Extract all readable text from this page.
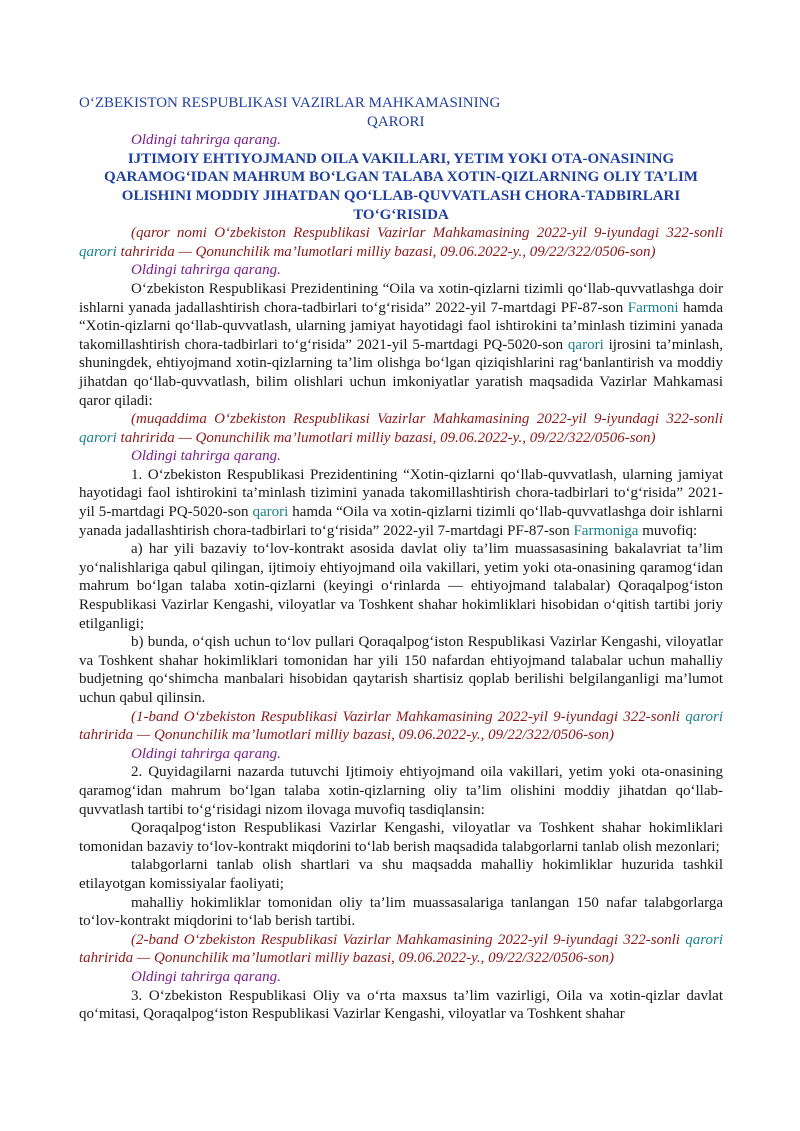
O‘ZBEKISTON RESPUBLIKASI VAZIRLAR MAHKAMASINING
QARORI
Oldingi tahrirga qarang.
IJTIMOIY EHTIYOJMAND OILA VAKILLARI, YETIM YOKI OTA-ONASINING QARAMOG‘IDAN MAHRUM BO‘LGAN TALABA XOTIN-QIZLARNING OLIY TA’LIM OLISHINI MODDIY JIHATDAN QO‘LLAB-QUVVATLASH CHORA-TADBIRLARI TO‘G‘RISIDA
(qaror nomi O‘zbekiston Respublikasi Vazirlar Mahkamasining 2022-yil 9-iyundagi 322-sonli qarori tahririda — Qonunchilik ma’lumotlari milliy bazasi, 09.06.2022-y., 09/22/322/0506-son)
Oldingi tahrirga qarang.
O‘zbekiston Respublikasi Prezidentining “Oila va xotin-qizlarni tizimli qo‘llab-quvvatlashga doir ishlarni yanada jadallashtirish chora-tadbirlari to‘g‘risida” 2022-yil 7-martdagi PF-87-son Farmoni hamda “Xotin-qizlarni qo‘llab-quvvatlash, ularning jamiyat hayotidagi faol ishtirokini ta’minlash tizimini yanada takomillashtirish chora-tadbirlari to‘g‘risida” 2021-yil 5-martdagi PQ-5020-son qarori ijrosini ta’minlash, shuningdek, ehtiyojmand xotin-qizlarning ta’lim olishga bo‘lgan qiziqishlarini rag‘banlantirish va moddiy jihatdan qo‘llab-quvvatlash, bilim olishlari uchun imkoniyatlar yaratish maqsadida Vazirlar Mahkamasi qaror qiladi:
(muqaddima O‘zbekiston Respublikasi Vazirlar Mahkamasining 2022-yil 9-iyundagi 322-sonli qarori tahririda — Qonunchilik ma’lumotlari milliy bazasi, 09.06.2022-y., 09/22/322/0506-son)
Oldingi tahrirga qarang.
1. O‘zbekiston Respublikasi Prezidentining “Xotin-qizlarni qo‘llab-quvvatlash, ularning jamiyat hayotidagi faol ishtirokini ta’minlash tizimini yanada takomillashtirish chora-tadbirlari to‘g‘risida” 2021-yil 5-martdagi PQ-5020-son qarori hamda “Oila va xotin-qizlarni tizimli qo‘llab-quvvatlashga doir ishlarni yanada jadallashtirish chora-tadbirlari to‘g‘risida” 2022-yil 7-martdagi PF-87-son Farmoniga muvofiq:
a) har yili bazaviy to‘lov-kontrakt asosida davlat oliy ta’lim muassasasining bakalavriat ta’lim yo‘nalishlariga qabul qilingan, ijtimoiy ehtiyojmand oila vakillari, yetim yoki ota-onasining qaramog‘idan mahrum bo‘lgan talaba xotin-qizlarni (keyingi o‘rinlarda — ehtiyojmand talabalar) Qoraqalpog‘iston Respublikasi Vazirlar Kengashi, viloyatlar va Toshkent shahar hokimliklari hisobidan o‘qitish tartibi joriy etilganligi;
b) bunda, o‘qish uchun to‘lov pullari Qoraqalpog‘iston Respublikasi Vazirlar Kengashi, viloyatlar va Toshkent shahar hokimliklari tomonidan har yili 150 nafardan ehtiyojmand talabalar uchun mahalliy budjetning qo‘shimcha manbalari hisobidan qaytarish shartisiz qoplab berilishi belgilanganligi ma’lumot uchun qabul qilinsin.
(1-band O‘zbekiston Respublikasi Vazirlar Mahkamasining 2022-yil 9-iyundagi 322-sonli qarori tahririda — Qonunchilik ma’lumotlari milliy bazasi, 09.06.2022-y., 09/22/322/0506-son)
Oldingi tahrirga qarang.
2. Quyidagilarni nazarda tutuvchi Ijtimoiy ehtiyojmand oila vakillari, yetim yoki ota-onasining qaramog‘idan mahrum bo‘lgan talaba xotin-qizlarning oliy ta’lim olishini moddiy jihatdan qo‘llab-quvvatlash tartibi to‘g‘risidagi nizom ilovaga muvofiq tasdiqlansin:
Qoraqalpog‘iston Respublikasi Vazirlar Kengashi, viloyatlar va Toshkent shahar hokimliklari tomonidan bazaviy to‘lov-kontrakt miqdorini to‘lab berish maqsadida talabgorlarni tanlab olish mezonlari;
talabgorlarni tanlab olish shartlari va shu maqsadda mahalliy hokimliklar huzurida tashkil etilayotgan komissiyalar faoliyati;
mahalliy hokimliklar tomonidan oliy ta’lim muassasalariga tanlangan 150 nafar talabgorlarga to‘lov-kontrakt miqdorini to‘lab berish tartibi.
(2-band O‘zbekiston Respublikasi Vazirlar Mahkamasining 2022-yil 9-iyundagi 322-sonli qarori tahririda — Qonunchilik ma’lumotlari milliy bazasi, 09.06.2022-y., 09/22/322/0506-son)
Oldingi tahrirga qarang.
3. O‘zbekiston Respublikasi Oliy va o‘rta maxsus ta’lim vazirligi, Oila va xotin-qizlar davlat qo‘mitasi, Qoraqalpog‘iston Respublikasi Vazirlar Kengashi, viloyatlar va Toshkent shahar
